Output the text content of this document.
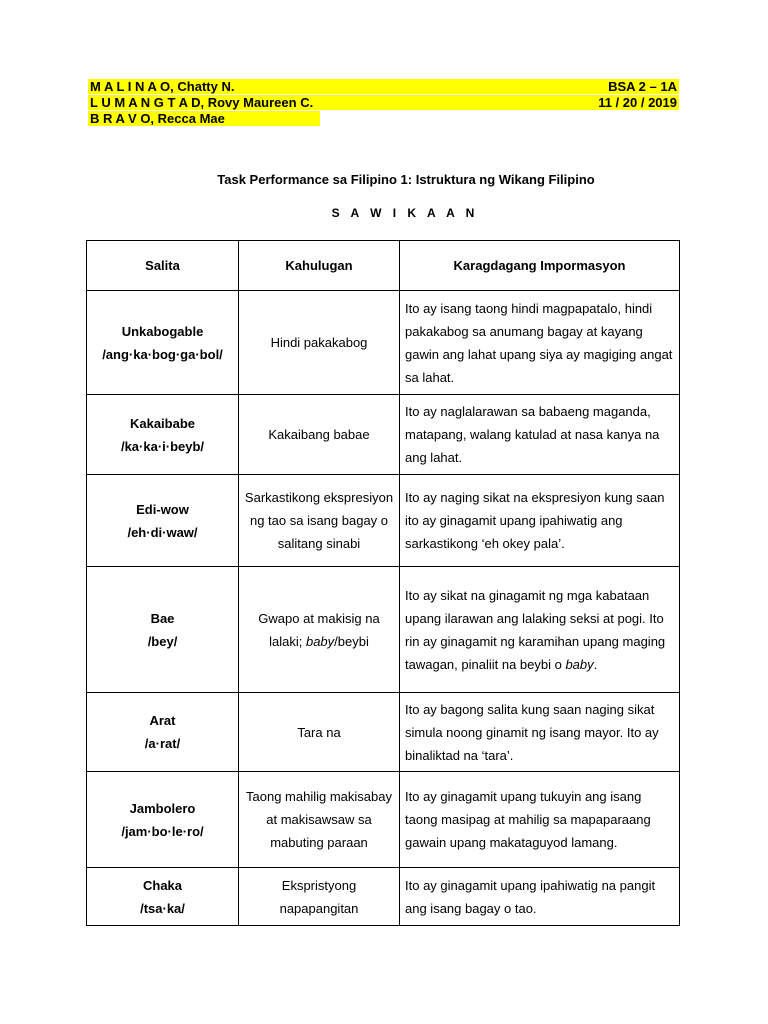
M A L I N A O, Chatty N.	BSA 2 – 1A
L U M A N G T A D, Rovy Maureen C.	11 / 20 / 2019
B R A V O, Recca Mae
Task Performance sa Filipino 1: Istruktura ng Wikang Filipino
S A W I K A A N
Salita	Kahulugan	Karagdagang Impormasyon

Unkabogable
/ang·ka·bog·ga·bol/	Hindi pakakabog	Ito ay isang taong hindi magpapatalo, hindi pakakabog sa anumang bagay at kayang gawin ang lahat upang siya ay magiging angat sa lahat.

Kakaibabe
/ka·ka·i·beyb/	Kakaibang babae	Ito ay naglalarawan sa babaeng maganda, matapang, walang katulad at nasa kanya na ang lahat.

Edi-wow
/eh·di·waw/	Sarkastikong ekspresiyon ng tao sa isang bagay o salitang sinabi	Ito ay naging sikat na ekspresiyon kung saan ito ay ginagamit upang ipahiwatig ang sarkastikong ‘eh okey pala’.

Bae
/bey/	Gwapo at makisig na lalaki; baby/beybi	Ito ay sikat na ginagamit ng mga kabataan upang ilarawan ang lalaking seksi at pogi. Ito rin ay ginagamit ng karamihan upang maging tawagan, pinaliit na beybi o baby.

Arat
/a·rat/	Tara na	Ito ay bagong salita kung saan naging sikat simula noong ginamit ng isang mayor. Ito ay binaliktad na ‘tara’.

Jambolero
/jam·bo·le·ro/	Taong mahilig makisabay at makisawsaw sa mabuting paraan	Ito ay ginagamit upang tukuyin ang isang taong masipag at mahilig sa mapaparaang gawain upang makataguyod lamang.

Chaka
/tsa·ka/	Ekspristyong napapangitan	Ito ay ginagamit upang ipahiwatig na pangit ang isang bagay o tao.
